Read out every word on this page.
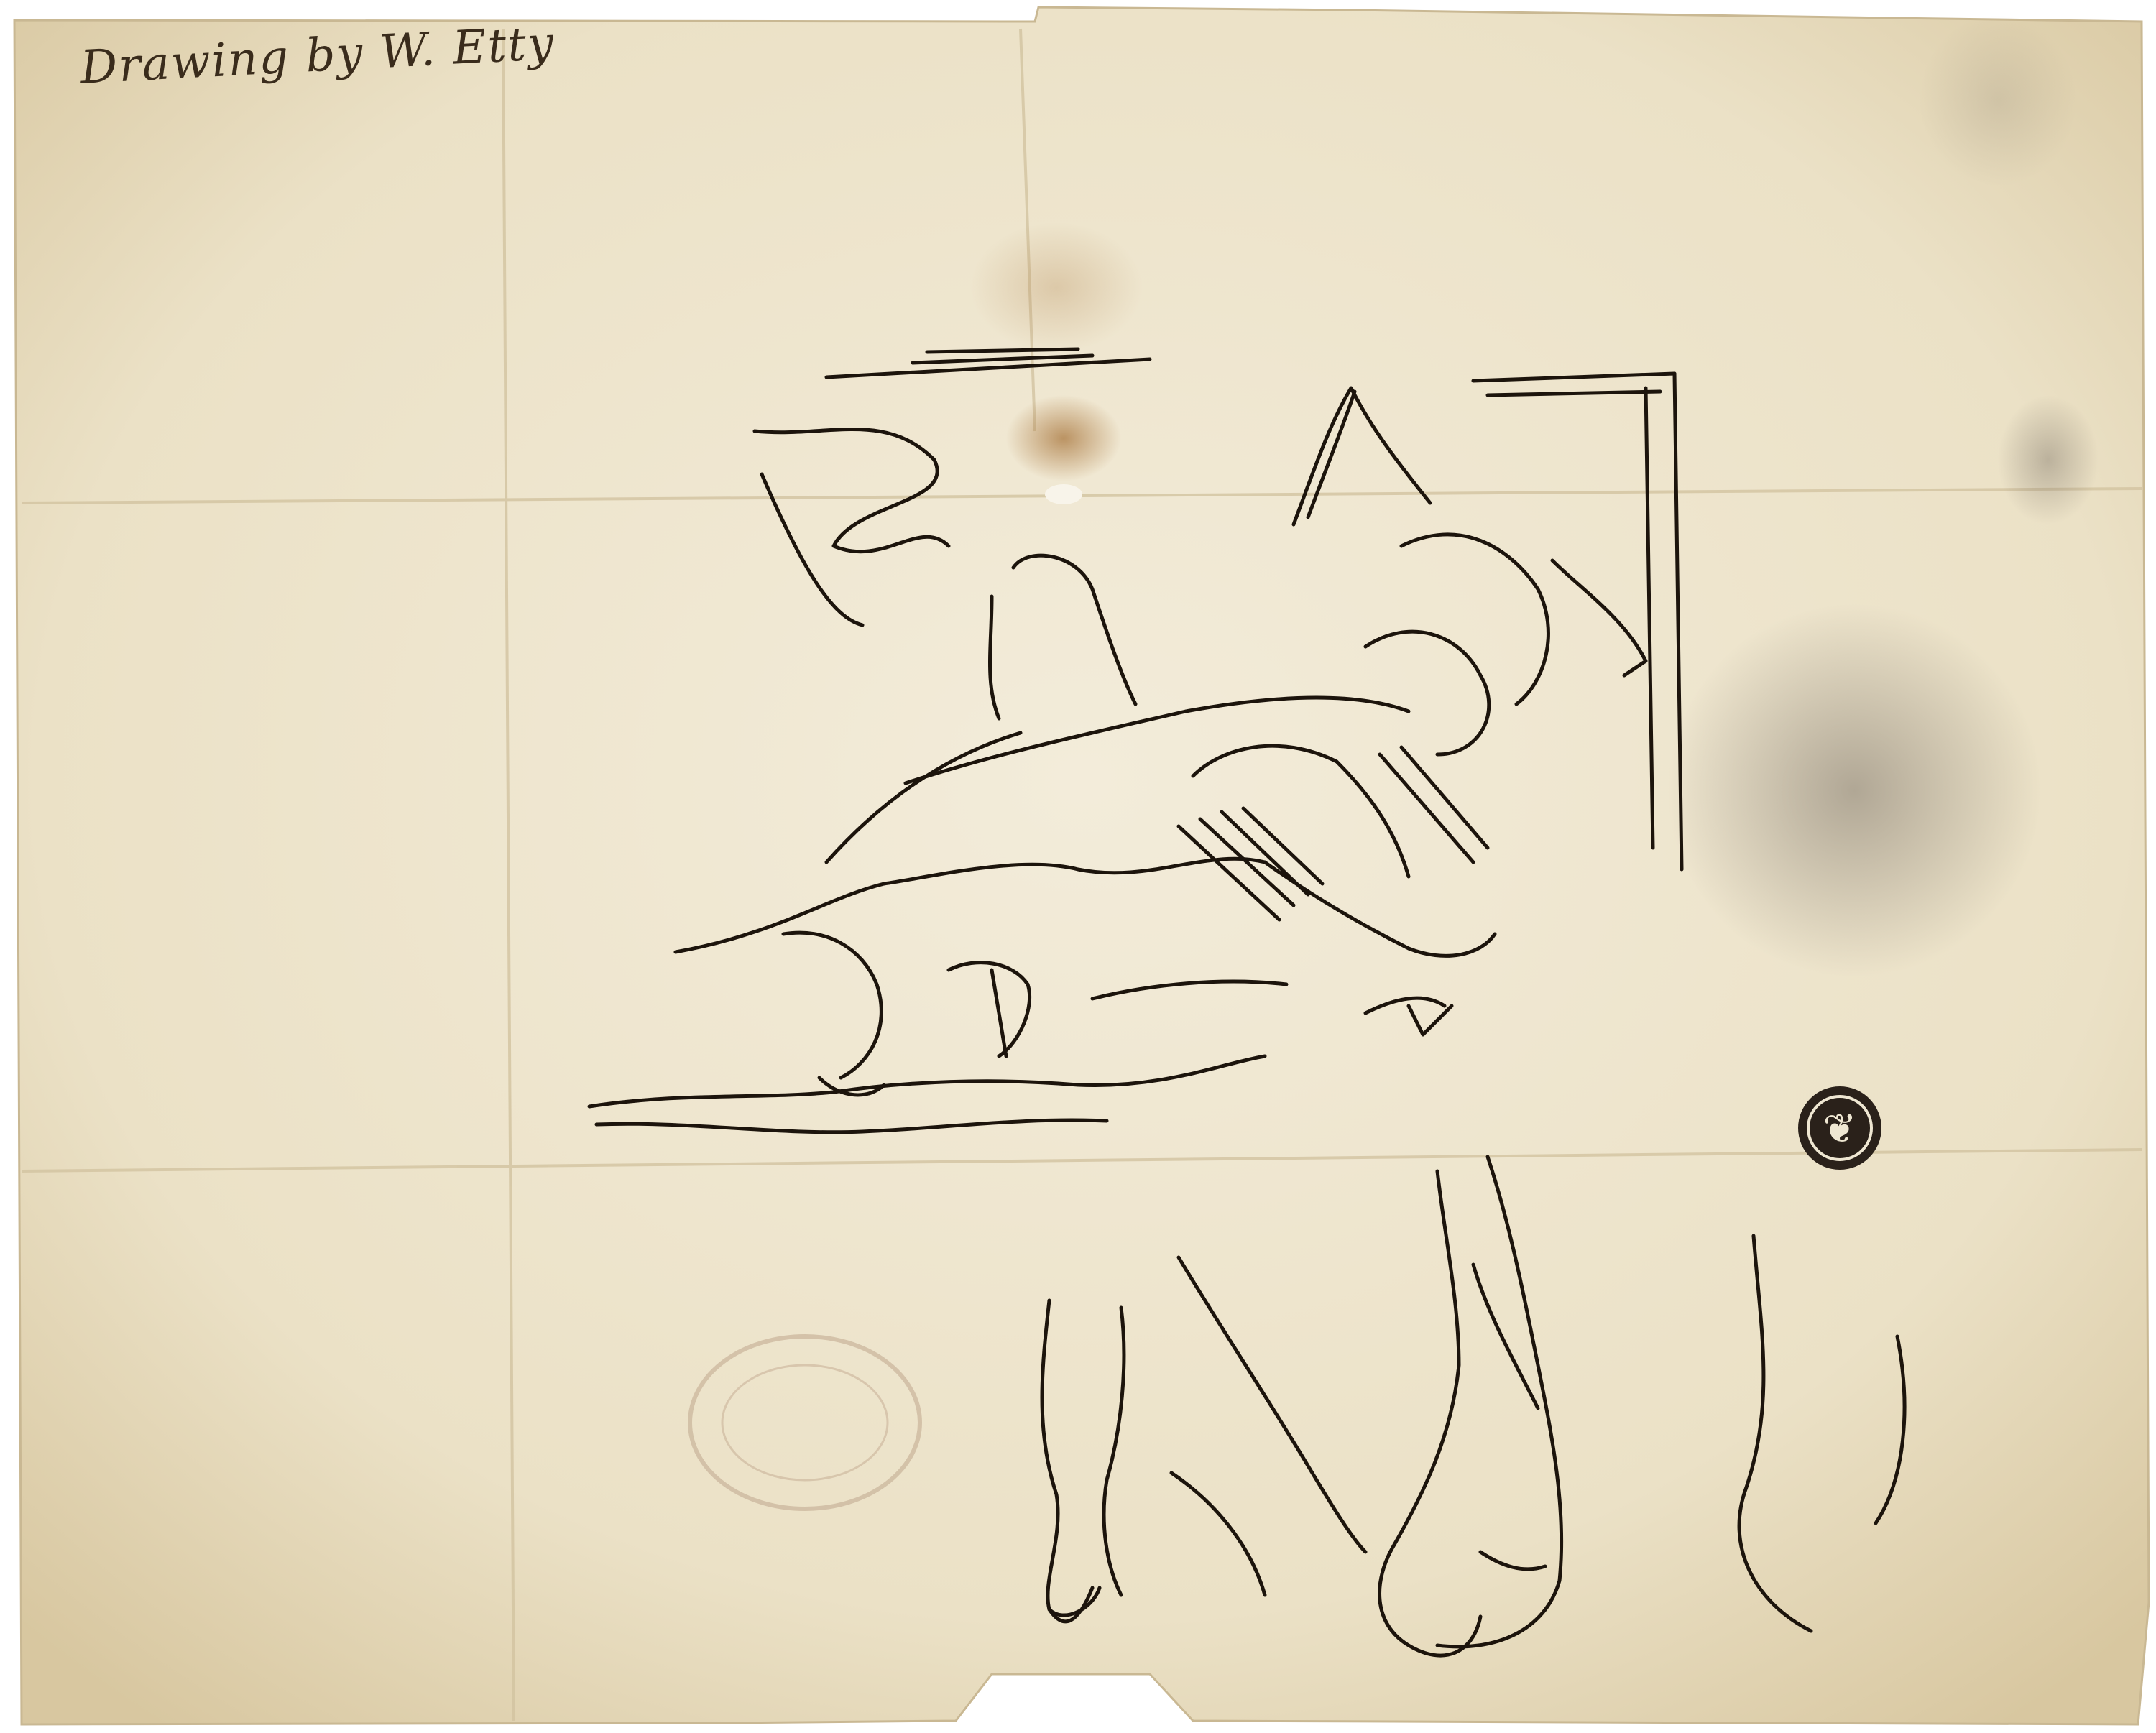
❦
Drawing by W. Etty
